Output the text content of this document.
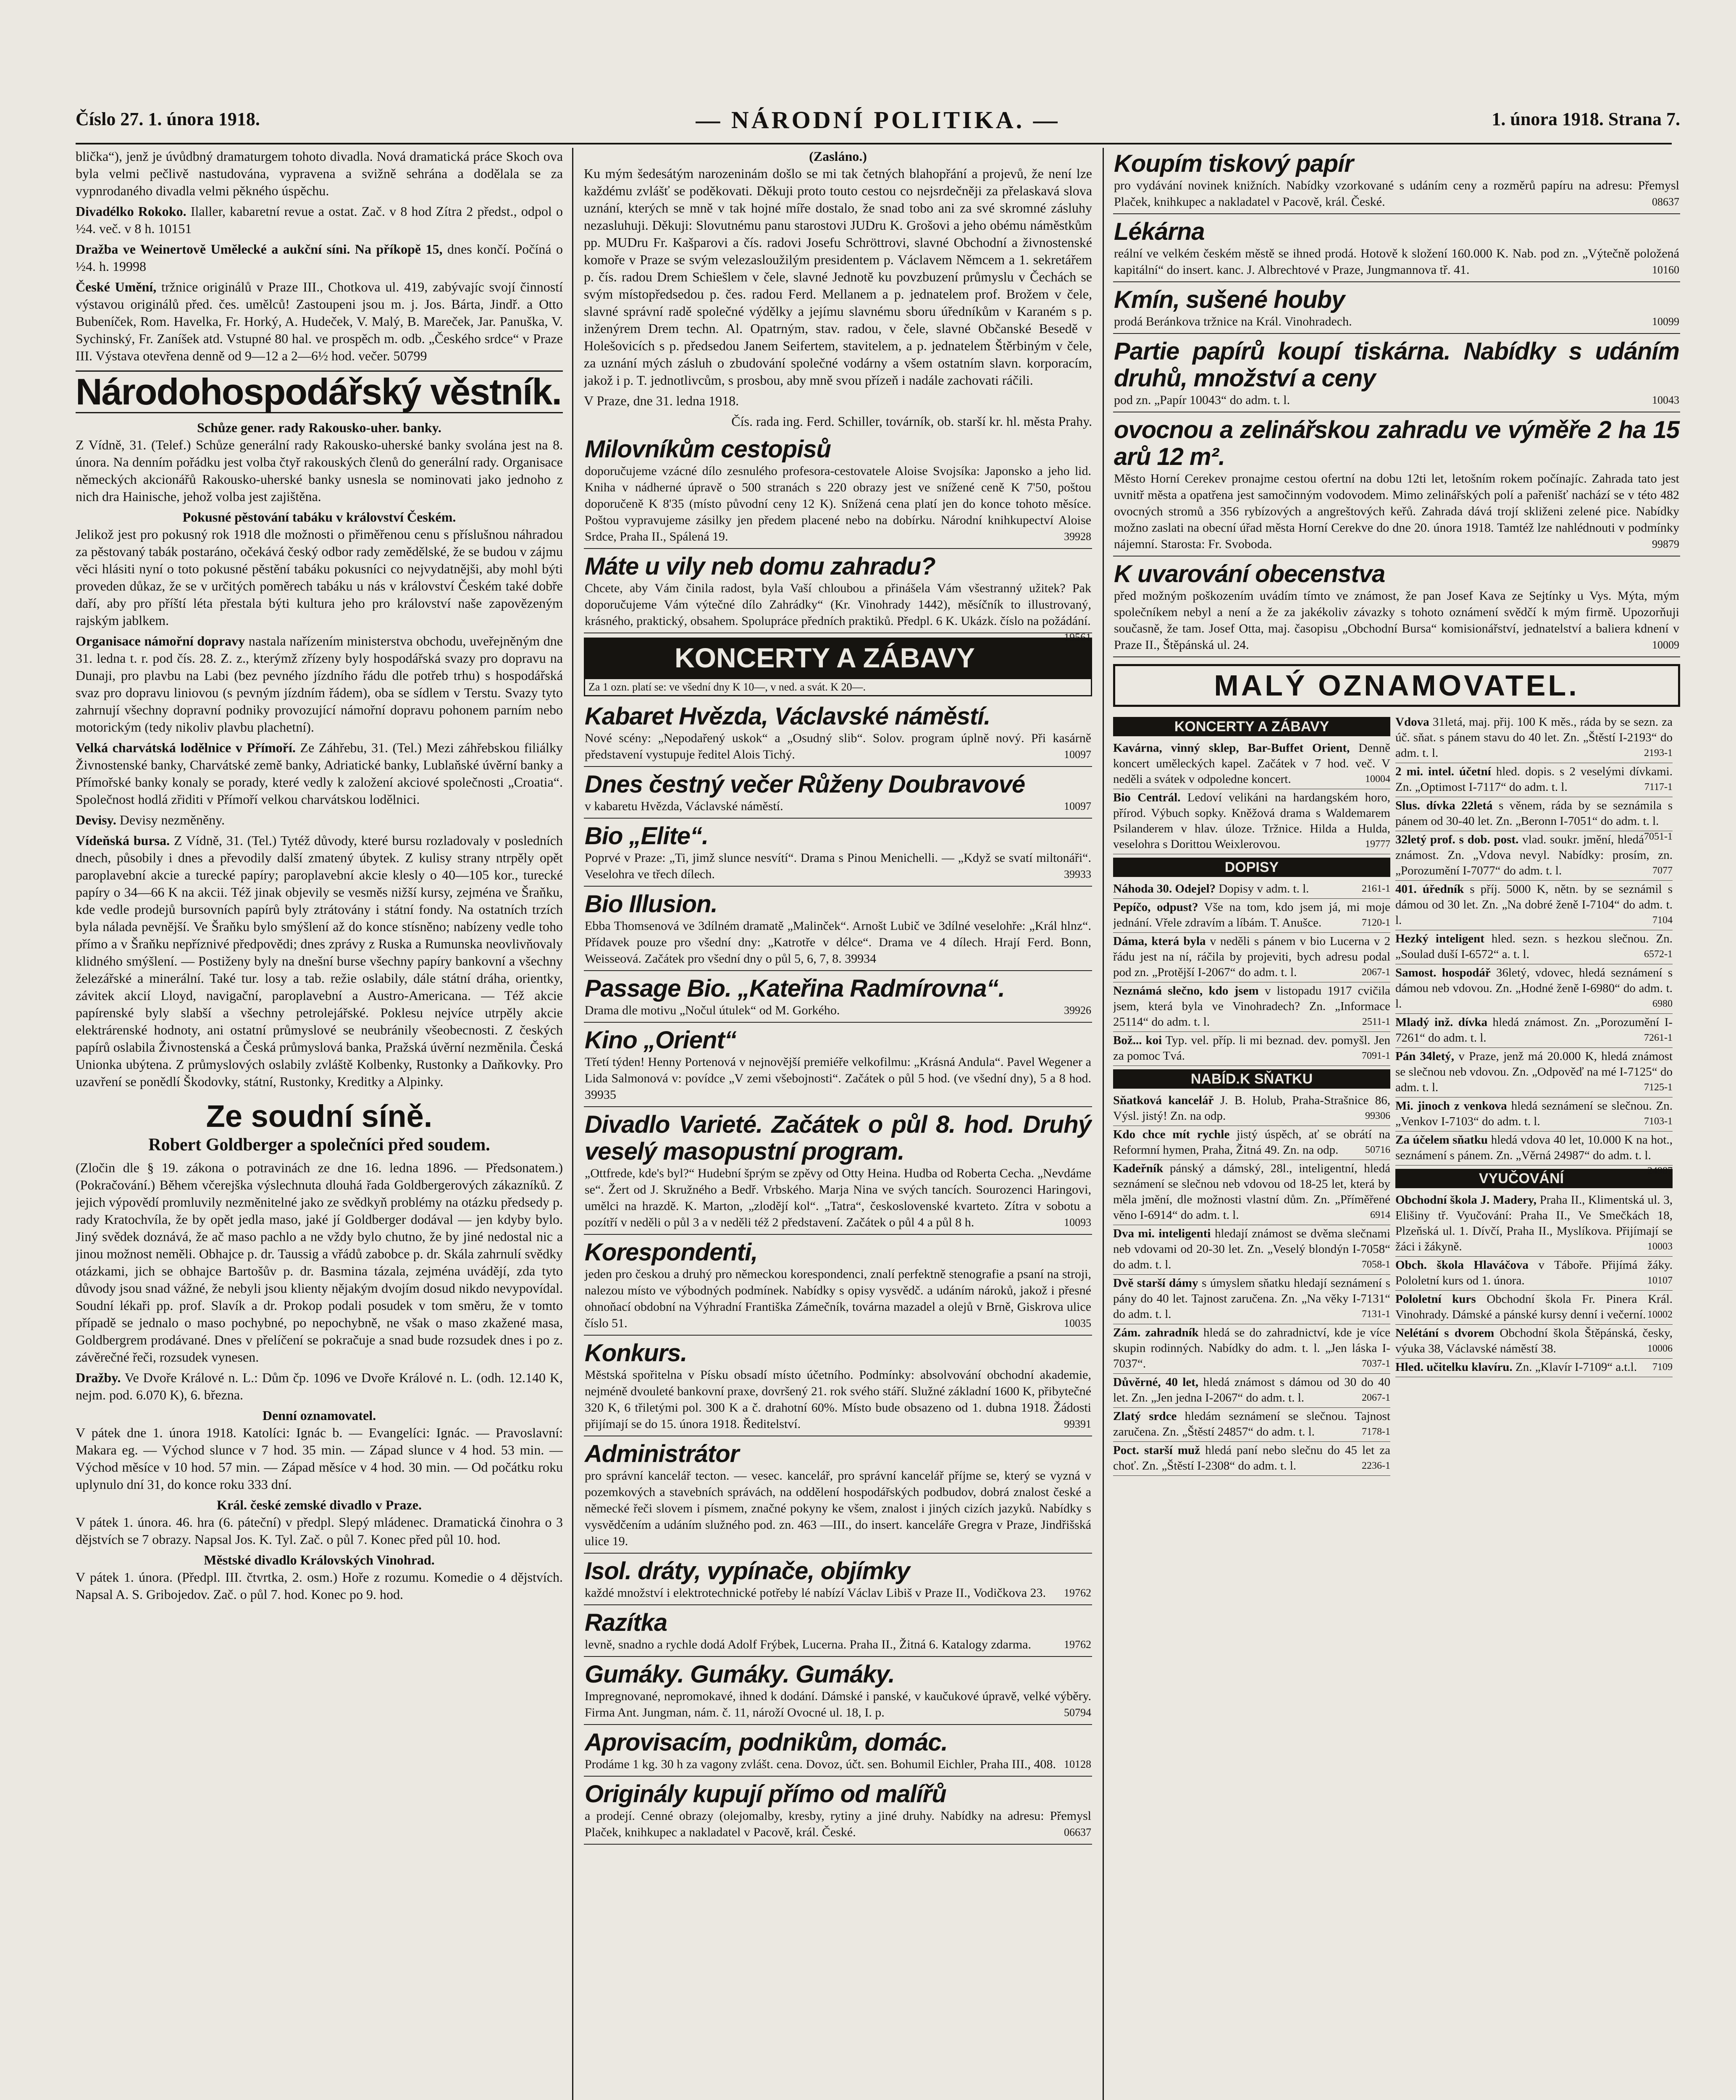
Číslo 27. 1. února 1918.	— NÁRODNÍ POLITIKA. —	1. února 1918. Strana 7.
blička“), jenž je úvůdbný dramaturgem tohoto divadla. Nová dramatická práce Skoch ova byla velmi pečlivě nastudována, vypravena a svižně sehrána a dodělala se za vypnrodaného divadla velmi pěkného úspěchu.
Divadélko Rokoko. Ilaller, kabaretní revue a ostat. Zač. v 8 hod Zítra 2 předst., odpol o ½4. več. v 8 h. 10151
Dražba ve Weinertově Umělecké a aukční síni. Na příkopě 15, dnes končí. Počíná o ½4. h. 19998
České Umění, tržnice originálů v Praze III., Chotkova ul. 419, zabývajíc svojí činností výstavou originálů před. čes. umělců! Zastoupeni jsou m. j. Jos. Bárta, Jindř. a Otto Bubeníček, Rom. Havelka, Fr. Horký, A. Hudeček, V. Malý, B. Mareček, Jar. Panuška, V. Sychinský, Fr. Zaníšek atd. Vstupné 80 hal. ve prospěch m. odb. „Českého srdce“ v Praze III. Výstava otevřena denně od 9—12 a 2—6½ hod. večer. 50799
Národohospodářský věstník.
Schůze gener. rady Rakousko-uher. banky.
Z Vídně, 31. (Telef.) Schůze generální rady Rakousko-uherské banky svolána jest na 8. února. Na denním pořádku jest volba čtyř rakouských členů do generální rady. Organisace německých akcionářů Rakousko-uherské banky usnesla se nominovati jako jednoho z nich dra Hainische, jehož volba jest zajištěna.
Pokusné pěstování tabáku v království Českém.
Jelikož jest pro pokusný rok 1918 dle možnosti o přiměřenou cenu s příslušnou náhradou za pěstovaný tabák postaráno, očekává český odbor rady zemědělské, že se budou v zájmu věci hlásiti nyní o toto pokusné pěstění tabáku pokusníci co nejvydatnějši, aby mohl býti proveden důkaz, že se v určitých poměrech tabáku u nás v království Českém také dobře daří, aby pro příští léta přestala býti kultura jeho pro království naše zapovězeným rajským jablkem.
Organisace námořní dopravy nastala nařízením ministerstva obchodu, uveřejněným dne 31. ledna t. r. pod čís. 28. Z. z., kterýmž zřízeny byly hospodářská svazy pro dopravu na Dunaji, pro plavbu na Labi (bez pevného jízdního řádu dle potřeb trhu) s hospodářská svaz pro dopravu liniovou (s pevným jízdním řádem), oba se sídlem v Terstu. Svazy tyto zahrnují všechny dopravní podniky provozující námořní dopravu pohonem parním nebo motorickým (tedy nikoliv plavbu plachetní).
Velká charvátská lodělnice v Přímoří. Ze Záhřebu, 31. (Tel.) Mezi záhřebskou filiálky Živnostenské banky, Charvátské země banky, Adriatické banky, Lublaňské úvěrní banky a Přímořské banky konaly se porady, které vedly k založení akciové společnosti „Croatia“. Společnost hodlá zřiditi v Přímoří velkou charvátskou lodělnici.
Devisy. Devisy nezměněny.
Vídeňská bursa. Z Vídně, 31. (Tel.) Tytéž důvody, které bursu rozladovaly v posledních dnech, působily i dnes a převodily další zmatený úbytek. Z kulisy strany ntrpěly opět paroplavební akcie a turecké papíry; paroplavební akcie klesly o 40—105 kor., turecké papíry o 34—66 K na akcii. Též jinak objevily se vesměs nižší kursy, zejména ve Šraňku, kde vedle prodejů bursovních papírů byly ztrátovány i státní fondy. Na ostatních trzích byla nálada pevnější. Ve Šraňku bylo smýšlení až do konce stísněno; nabízeny vedle toho přímo a v Šraňku nepříznivé předpovědi; dnes zprávy z Ruska a Rumunska neovlivňovaly klidného smýšlení. — Postiženy byly na dnešní burse všechny papíry bankovní a všechny železářské a minerální. Také tur. losy a tab. režie oslabily, dále státní dráha, orientky, závitek akcií Lloyd, navigační, paroplavební a Austro-Americana. — Též akcie papírenské byly slabší a všechny petrolejářské. Poklesu nejvíce utrpěly akcie elektrárenské hodnoty, ani ostatní průmyslové se neubránily všeobecnosti. Z českých papírů oslabila Živnostenská a Česká průmyslová banka, Pražská úvěrní nezměnila. Česká Unionka ubýtena. Z průmyslových oslabily zvláště Kolbenky, Rustonky a Daňkovky. Pro uzavření se ponědlí Škodovky, státní, Rustonky, Kreditky a Alpinky.
Ze soudní síně.
Robert Goldberger a společníci před soudem.
(Zločin dle § 19. zákona o potravinách ze dne 16. ledna 1896. — Předsonatem.) (Pokračování.) Během včerejška výslechnuta dlouhá řada Goldbergerových zákazníků. Z jejich výpovědí promluvily nezměnitelné jako ze svědkyň problémy na otázku předsedy p. rady Kratochvíla, že by opět jedla maso, jaké jí Goldberger dodával — jen kdyby bylo. Jiný svědek doznává, že ač maso pachlo a ne vždy bylo chutno, že by jiné nedostal nic a jinou možnost neměli. Obhajce p. dr. Taussig a vřádů zabobce p. dr. Skála zahrnulí svědky otázkami, jich se obhajce Bartošův p. dr. Basmina tázala, zejména uvádějí, zda tyto důvody jsou snad vážné, že nebyli jsou klienty nějakým dvojím dosud nikdo nevypovídal. Soudní lékaři pp. prof. Slavík a dr. Prokop podali posudek v tom směru, že v tomto případě se jednalo o maso pochybné, po nepochybně, ne však o maso zkažené masa, Goldbergrem prodávané. Dnes v přelíčení se pokračuje a snad bude rozsudek dnes i po z. závěrečné řeči, rozsudek vynesen.
Dražby. Ve Dvoře Králové n. L.: Dům čp. 1096 ve Dvoře Králové n. L. (odh. 12.140 K, nejm. pod. 6.070 K), 6. března.
Denní oznamovatel.
V pátek dne 1. února 1918. Katolíci: Ignác b. — Evangelíci: Ignác. — Pravoslavní: Makara eg. — Východ slunce v 7 hod. 35 min. — Západ slunce v 4 hod. 53 min. — Východ měsíce v 10 hod. 57 min. — Západ měsíce v 4 hod. 30 min. — Od počátku roku uplynulo dní 31, do konce roku 333 dní.
Král. české zemské divadlo v Praze.
V pátek 1. února. 46. hra (6. páteční) v předpl. Slepý mládenec. Dramatická činohra o 3 dějstvích se 7 obrazy. Napsal Jos. K. Tyl. Zač. o půl 7. Konec před půl 10. hod.
Městské divadlo Královských Vinohrad.
V pátek 1. února. (Předpl. III. čtvrtka, 2. osm.) Hoře z rozumu. Komedie o 4 dějstvích. Napsal A. S. Gribojedov. Zač. o půl 7. hod. Konec po 9. hod.
(Zasláno.)
Ku mým šedesátým narozeninám došlo se mi tak četných blahopřání a projevů, že není lze každému zvlášť se poděkovati. Děkuji proto touto cestou co nejsrdečněji za přelaskavá slova uznání, kterých se mně v tak hojné míře dostalo, že snad tobo ani za své skromné zásluhy nezasluhuji. Děkuji: Slovutnému panu starostovi JUDru K. Grošovi a jeho obému náměstkům pp. MUDru Fr. Kašparovi a čís. radovi Josefu Schröttrovi, slavné Obchodní a živnostenské komoře v Praze se svým velezasloužilým presidentem p. Václavem Němcem a 1. sekretářem p. čís. radou Drem Schiešlem v čele, slavné Jednotě ku povzbuzení průmyslu v Čechách se svým místopředsedou p. čes. radou Ferd. Mellanem a p. jednatelem prof. Brožem v čele, slavné správní radě společné výdělky a jejímu slavnému sboru úředníkům v Karaném s p. inženýrem Drem techn. Al. Opatrným, stav. radou, v čele, slavné Občanské Besedě v Holešovicích s p. předsedou Janem Seifertem, stavitelem, a p. jednatelem Štěrbiným v čele, za uznání mých zásluh o zbudování společné vodárny a všem ostatním slavn. korporacím, jakož i p. T. jednotlivcům, s prosbou, aby mně svou přízeň i nadále zachovati ráčili.
V Praze, dne 31. ledna 1918.
Čís. rada ing. Ferd. Schiller, továrník, ob. starší kr. hl. města Prahy.
Milovníkům cestopisů
doporučujeme vzácné dílo zesnulého profesora-cestovatele Aloise Svojsíka: Japonsko a jeho lid. Kniha v nádherné úpravě o 500 stranách s 220 obrazy jest ve snížené ceně K 7'50, poštou doporučeně K 8'35 (místo původní ceny 12 K). Snížená cena platí jen do konce tohoto měsíce. Poštou vypravujeme zásilky jen předem placené nebo na dobírku. Národní knihkupectví Aloise Srdce, Praha II., Spálená 19.	39928
Máte u vily neb domu zahradu?
Chcete, aby Vám činila radost, byla Vaší chloubou a přinášela Vám všestranný užitek? Pak doporučujeme Vám výtečné dílo Zahrádky“ (Kr. Vinohrady 1442), měsíčník to illustrovaný, krásného, praktický, obsahem. Spolupráce předních praktiků. Předpl. 6 K. Ukázk. číslo na požádání.
19561
KONCERTY A ZÁBAVY
Za 1 ozn. platí se: ve všední dny K 10—, v ned. a svát. K 20—.
Kabaret Hvězda, Václavské náměstí.
Nové scény: „Nepodařený uskok“ a „Osudný slib“. Solov. program úplně nový. Při kasárně představení vystupuje ředitel Alois Tichý.	10097
Dnes čestný večer Růženy Doubravové
v kabaretu Hvězda, Václavské náměstí.	10097
Bio „Elite“.
Poprvé v Praze: „Ti, jimž slunce nesvítí“. Drama s Pinou Menichelli. — „Když se svatí miltonáři“. Veselohra ve třech dílech.	39933
Bio Illusion.
Ebba Thomsenová ve 3dílném dramatě „Malinček“. Arnošt Lubič ve 3dílné veselohře: „Král hlnz“. Přídavek pouze pro všední dny: „Katrotře v délce“. Drama ve 4 dílech. Hrají Ferd. Bonn, Weisseová. Začátek pro všední dny o půl 5, 6, 7, 8. 39934
Passage Bio. „Kateřina Radmírovna“.
Drama dle motivu „Nočul útulek“ od M. Gorkého.	39926
Kino „Orient“
Třetí týden! Henny Portenová v nejnovější premiéře velkofilmu: „Krásná Andula“. Pavel Wegener a Lida Salmonová v: povídce „V zemi všebojnosti“. Začátek o půl 5 hod. (ve všední dny), 5 a 8 hod. 39935
Divadlo Varieté. Začátek o půl 8. hod. Druhý veselý masopustní program.
„Ottfrede, kde's byl?“ Hudební šprým se zpěvy od Otty Heina. Hudba od Roberta Cecha. „Nevdáme se“. Žert od J. Skružného a Bedř. Vrbského. Marja Nina ve svých tancích. Sourozenci Haringovi, umělci na hrazdě. K. Marton, „zlodějí kol“. „Tatra“, československé kvarteto. Zítra v sobotu a pozítří v neděli o půl 3 a v neděli též 2 představení. Začátek o půl 4 a půl 8 h.	10093
Korespondenti,
jeden pro českou a druhý pro německou korespondenci, znalí perfektně stenografie a psaní na stroji, nalezou místo ve výbodných podmínek. Nabídky s opisy vysvědč. a udáním nároků, jakož i přesné ohnoňací obdobní na Výhradní Františka Zámečník, továrna mazadel a olejů v Brně, Giskrova ulice číslo 51.	10035
Konkurs.
Městská spořitelna v Písku obsadí místo účetního. Podmínky: absolvování obchodní akademie, nejméně dvouleté bankovní praxe, dovršený 21. rok svého stáří. Služné základní 1600 K, přibytečné 320 K, 6 třiletými pol. 300 K a č. drahotní 60%. Místo bude obsazeno od 1. dubna 1918. Žádosti přijímají se do 15. února 1918. Ředitelství.	99391
Administrátor
pro správní kancelář tecton. — vesec. kancelář, pro správní kancelář příjme se, který se vyzná v pozemkových a stavebních správách, na oddělení hospodářských podbudov, dobrá znalost české a německé řeči slovem i písmem, značné pokyny ke všem, znalost i jiných cizích jazyků. Nabídky s vysvědčením a udáním služného pod. zn. 463 —III., do insert. kanceláře Gregra v Praze, Jindřišská ulice 19.
Isol. dráty, vypínače, objímky
každé množství i elektrotechnické potřeby lé nabízí Václav Libiš v Praze II., Vodičkova 23. 19762
Razítka
levně, snadno a rychle dodá Adolf Frýbek, Lucerna. Praha II., Žitná 6. Katalogy zdarma.	19762
Gumáky. Gumáky. Gumáky.
Impregnované, nepromokavé, ihned k dodání. Dámské i panské, v kaučukové úpravě, velké výběry. Firma Ant. Jungman, nám. č. 11, nároží Ovocné ul. 18, I. p.	50794
Aprovisacím, podnikům, domác.
Prodáme 1 kg. 30 h za vagony zvlášt. cena. Dovoz, účt. sen. Bohumil Eichler, Praha III., 408. 10128
Originály kupují přímo od malířů
a prodejí. Cenné obrazy (olejomalby, kresby, rytiny a jiné druhy. Nabídky na adresu: Přemysl Plaček, knihkupec a nakladatel v Pacově, král. České.	06637
Koupím tiskový papír
pro vydávání novinek knižních. Nabídky vzorkované s udáním ceny a rozměrů papíru na adresu: Přemysl Plaček, knihkupec a nakladatel v Pacově, král. České.	08637
Lékárna
reální ve velkém českém městě se ihned prodá. Hotově k složení 160.000 K. Nab. pod zn. „Výtečně položená kapitální“ do insert. kanc. J. Albrechtové v Praze, Jungmannova tř. 41.	10160
Kmín, sušené houby
prodá Beránkova tržnice na Král. Vinohradech.	10099
Partie papírů koupí tiskárna. Nabídky s udáním druhů, množství a ceny
pod zn. „Papír 10043“ do adm. t. l.	10043
ovocnou a zelinářskou zahradu ve výměře 2 ha 15 arů 12 m².
Město Horní Cerekev pronajme cestou ofertní na dobu 12ti let, letošním rokem počínajíc. Zahrada tato jest uvnitř města a opatřena jest samočinným vodovodem. Mimo zelinářských polí a pařenišť nachází se v této 482 ovocných stromů a 356 rybízových a angreštových keřů. Zahrada dává trojí skliženi zelené pice. Nabídky možno zaslati na obecní úřad města Horní Cerekve do dne 20. února 1918. Tamtéž lze nahlédnouti v podmínky nájemní. Starosta: Fr. Svoboda.	99879
K uvarování obecenstva
před možným poškozením uvádím tímto ve známost, že pan Josef Kava ze Sejtínky u Vys. Mýta, mým společníkem nebyl a není a že za jakékoliv závazky s tohoto oznámení svědčí k mým firmě. Upozorňuji současně, že tam. Josef Otta, maj. časopisu „Obchodní Bursa“ komisionářství, jednatelství a baliera kdnení v Praze II., Štěpánská ul. 24.	10009
MALÝ OZNAMOVATEL.
KONCERTY A ZÁBAVY
Kavárna, vinný sklep, Bar-Buffet Orient, Denně koncert uměleckých kapel. Začátek v 7 hod. več. V neděli a svátek v odpoledne koncert.	10004
Bio Centrál. Ledoví velikáni na hardangském horo, přírod. Výbuch sopky. Kněžová drama s Waldemarem Psilanderem v hlav. úloze. Tržnice. Hilda a Hulda, veselohra s Dorittou Weixlerovou.	19777
DOPISY
Náhoda 30. Odejel? Dopisy v adm. t. l.	2161-1
Pepíčo, odpust? Vše na tom, kdo jsem já, mi moje jednání. Vřele zdravím a líbám. T. Anušce.	7120-1
Dáma, která byla v neděli s pánem v bio Lucerna v 2 řádu jest na ní, ráčila by projeviti, bych adresu podal pod zn. „Protější I-2067“ do adm. t. l.	2067-1
Neznámá slečno, kdo jsem v listopadu 1917 cvičila jsem, která byla ve Vinohradech? Zn. „Informace 25114“ do adm. t. l.	2511-1
Bož... koi Typ. vel. příp. li mi beznad. dev. pomyšl. Jen za pomoc Tvá.	7091-1
NABÍD.K SŇATKU
Sňatková kancelář J. B. Holub, Praha-Strašnice 86, Výsl. jistý! Zn. na odp.	99306
Kdo chce mít rychle jistý úspěch, ať se obrátí na Reformní hymen, Praha, Žitná 49. Zn. na odp.	50716
Kadeřník pánský a dámský, 28l., inteligentní, hledá seznámení se slečnou neb vdovou od 18-25 let, která by měla jmění, dle možnosti vlastní dům. Zn. „Příměřené věno I-6914“ do adm. t. l.	6914
Dva mi. inteligenti hledají známost se dvěma slečnami neb vdovami od 20-30 let. Zn. „Veselý blondýn I-7058“ do adm. t. l.	7058-1
Dvě starší dámy s úmyslem sňatku hledají seznámení s pány do 40 let. Tajnost zaručena. Zn. „Na věky I-7131“ do adm. t. l.	7131-1
Zám. zahradník hledá se do zahradnictví, kde je více skupin rodinných. Nabídky do adm. t. l. „Jen láska I-7037“.	7037-1
Důvěrné, 40 let, hledá známost s dámou od 30 do 40 let. Zn. „Jen jedna I-2067“ do adm. t. l.	2067-1
Zlatý srdce hledám seznámení se slečnou. Tajnost zaručena. Zn. „Štěstí 24857“ do adm. t. l.	7178-1
Poct. starší muž hledá paní nebo slečnu do 45 let za choť. Zn. „Štěstí I-2308“ do adm. t. l.	2236-1
Vdova 31letá, maj. přij. 100 K měs., ráda by se sezn. za úč. sňat. s pánem stavu do 40 let. Zn. „Štěstí I-2193“ do adm. t. l.	2193-1
2 mi. intel. účetní hled. dopis. s 2 veselými dívkami. Zn. „Optimost I-7117“ do adm. t. l.	7117-1
Slus. dívka 22letá s věnem, ráda by se seznámila s pánem od 30-40 let. Zn. „Beronn I-7051“ do adm. t. l.
7051-1
32letý prof. s dob. post. vlad. soukr. jmění, hledá známost. Zn. „Vdova nevyl. Nabídky: prosím, zn. „Porozumění I-7077“ do adm. t. l.	7077
401. úředník s příj. 5000 K, nětn. by se seznámil s dámou od 30 let. Zn. „Na dobré ženě I-7104“ do adm. t. l.	7104
Hezký inteligent hled. sezn. s hezkou slečnou. Zn. „Soulad duší I-6572“ a. t. l.	6572-1
Samost. hospodář 36letý, vdovec, hledá seznámení s dámou neb vdovou. Zn. „Hodné ženě I-6980“ do adm. t. l.	6980
Mladý inž. dívka hledá známost. Zn. „Porozumění I-7261“ do adm. t. l.	7261-1
Pán 34letý, v Praze, jenž má 20.000 K, hledá známost se slečnou neb vdovou. Zn. „Odpověď na mé I-7125“ do adm. t. l.	7125-1
Mi. jinoch z venkova hledá seznámení se slečnou. Zn. „Venkov I-7103“ do adm. t. l.	7103-1
Za účelem sňatku hledá vdova 40 let, 10.000 K na hot., seznámení s pánem. Zn. „Věrná 24987“ do adm. t. l.
24987
VYUČOVÁNÍ
Obchodní škola J. Madery, Praha II., Klimentská ul. 3, Elišiny tř. Vyučování: Praha II., Ve Smečkách 18, Plzeňská ul. 1. Dívčí, Praha II., Myslíkova. Přijímají se žáci i žákyně.	10003
Obch. škola Hlaváčova v Táboře. Přijímá žáky. Pololetní kurs od 1. února.	10107
Pololetní kurs Obchodní škola Fr. Pinera Král. Vinohrady. Dámské a pánské kursy denní i večerní. 10002
Nelétání s dvorem Obchodní škola Štěpánská, česky, výuka 38, Václavské náměstí 38.	10006
Hled. učitelku klavíru. Zn. „Klavír I-7109“ a.t.l. 7109
